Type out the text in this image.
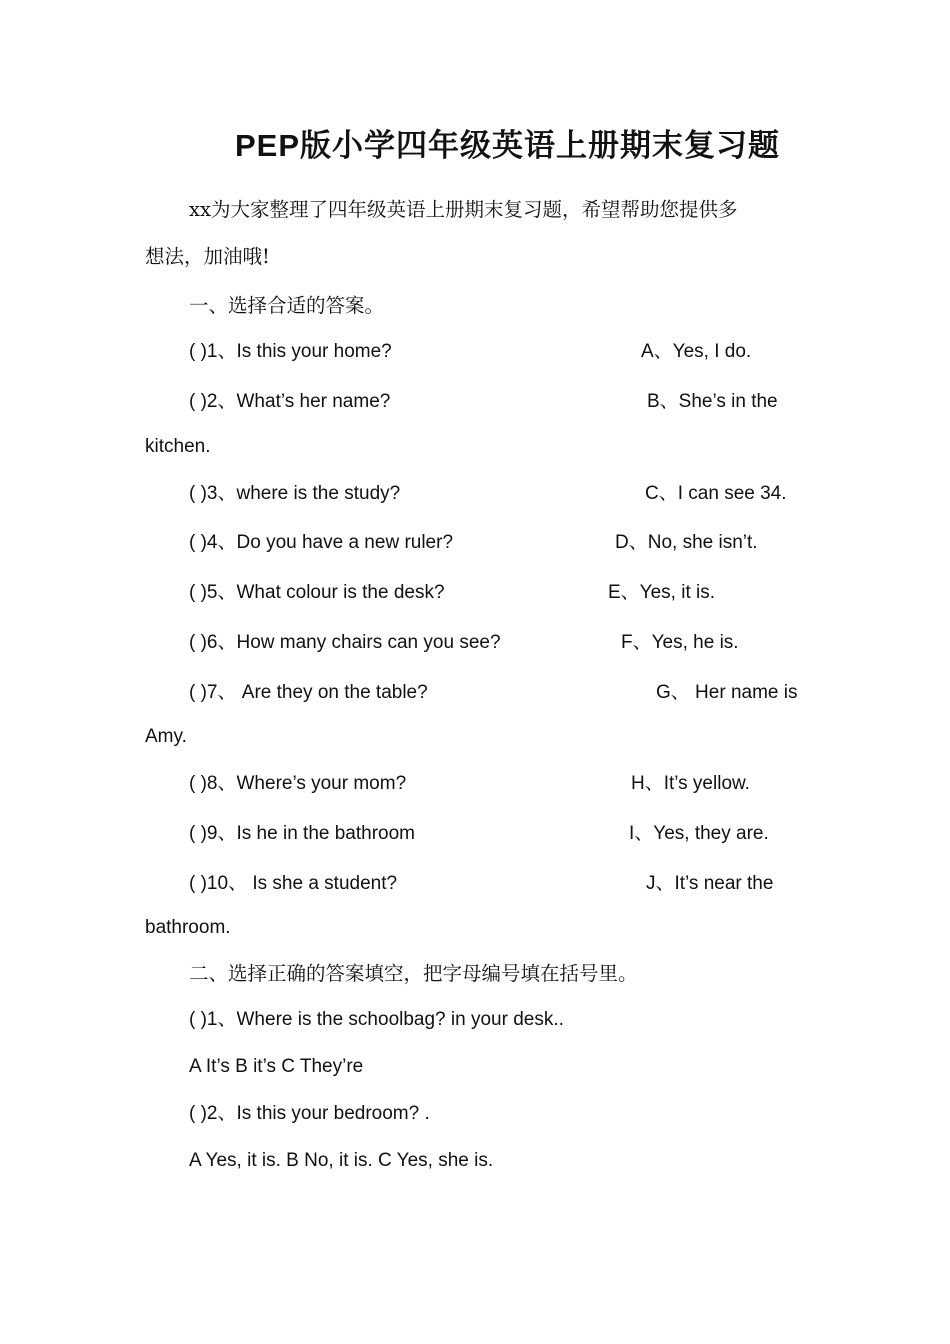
PEP版小学四年级英语上册期末复习题
xx为大家整理了四年级英语上册期末复习题，希望帮助您提供多
想法，加油哦!
一、选择合适的答案。
( )1、Is this your home?	A、Yes, I do.
( )2、What’s her name?	B、She’s in the
kitchen.
( )3、where is the study?	C、I can see 34.
( )4、Do you have a new ruler?	D、No, she isn’t.
( )5、What colour is the desk?	E、Yes, it is.
( )6、How many chairs can you see?	F、Yes, he is.
( )7、 Are they on the table?	G、 Her name is
Amy.
( )8、Where’s your mom?	H、It’s yellow.
( )9、Is he in the bathroom	I、Yes, they are.
( )10、 Is she a student?	J、It’s near the
bathroom.
二、选择正确的答案填空，把字母编号填在括号里。
( )1、Where is the schoolbag? in your desk..
A It’s B it’s C They’re
( )2、Is this your bedroom? .
A Yes, it is. B No, it is. C Yes, she is.
